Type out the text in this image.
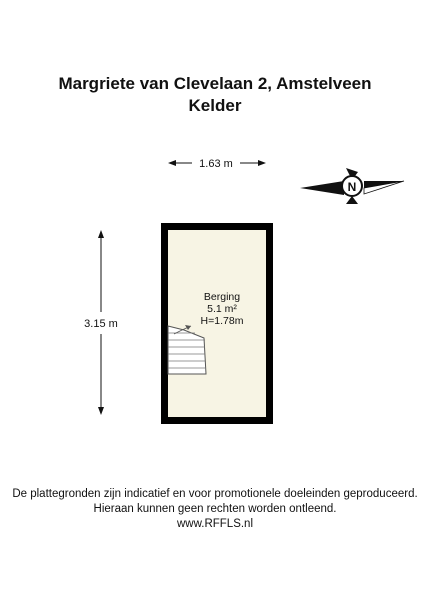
Margriete van Clevelaan 2, Amstelveen
Kelder
1.63 m
3.15 m
Berging
5.1 m²
H=1.78m
N
De plattegronden zijn indicatief en voor promotionele doeleinden geproduceerd.
Hieraan kunnen geen rechten worden ontleend.
www.RFFLS.nl
